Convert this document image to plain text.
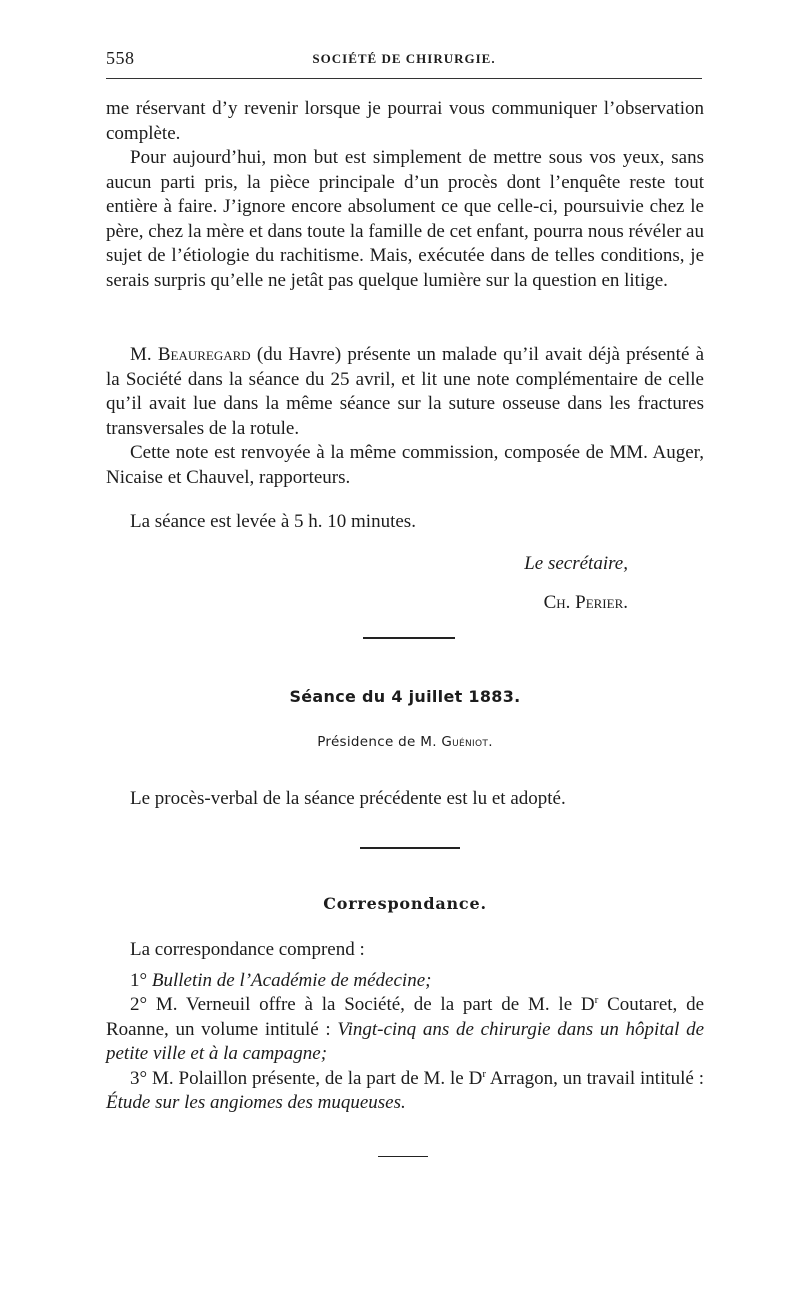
558	SOCIÉTÉ DE CHIRURGIE.

me réservant d’y revenir lorsque je pourrai vous communiquer l’observation complète.

Pour aujourd’hui, mon but est simplement de mettre sous vos yeux, sans aucun parti pris, la pièce principale d’un procès dont l’enquête reste tout entière à faire. J’ignore encore absolument ce que celle-ci, poursuivie chez le père, chez la mère et dans toute la famille de cet enfant, pourra nous révéler au sujet de l’étiologie du rachitisme. Mais, exécutée dans de telles conditions, je serais surpris qu’elle ne jetât pas quelque lumière sur la question en litige.

M. Beauregard (du Havre) présente un malade qu’il avait déjà présenté à la Société dans la séance du 25 avril, et lit une note complémentaire de celle qu’il avait lue dans la même séance sur la suture osseuse dans les fractures transversales de la rotule.

Cette note est renvoyée à la même commission, composée de MM. Auger, Nicaise et Chauvel, rapporteurs.

La séance est levée à 5 h. 10 minutes.

Le secrétaire,
Ch. Perier.
Séance du 4 juillet 1883.
Présidence de M. Guéniot.

Le procès-verbal de la séance précédente est lu et adopté.

Correspondance.

La correspondance comprend :

1° Bulletin de l’Académie de médecine;

2° M. Verneuil offre à la Société, de la part de M. le $D^r$ Coutaret, de Roanne, un volume intitulé : Vingt-cinq ans de chirurgie dans un hôpital de petite ville et à la campagne;

3° M. Polaillon présente, de la part de M. le $D^r$ Arragon, un travail intitulé : Étude sur les angiomes des muqueuses.
